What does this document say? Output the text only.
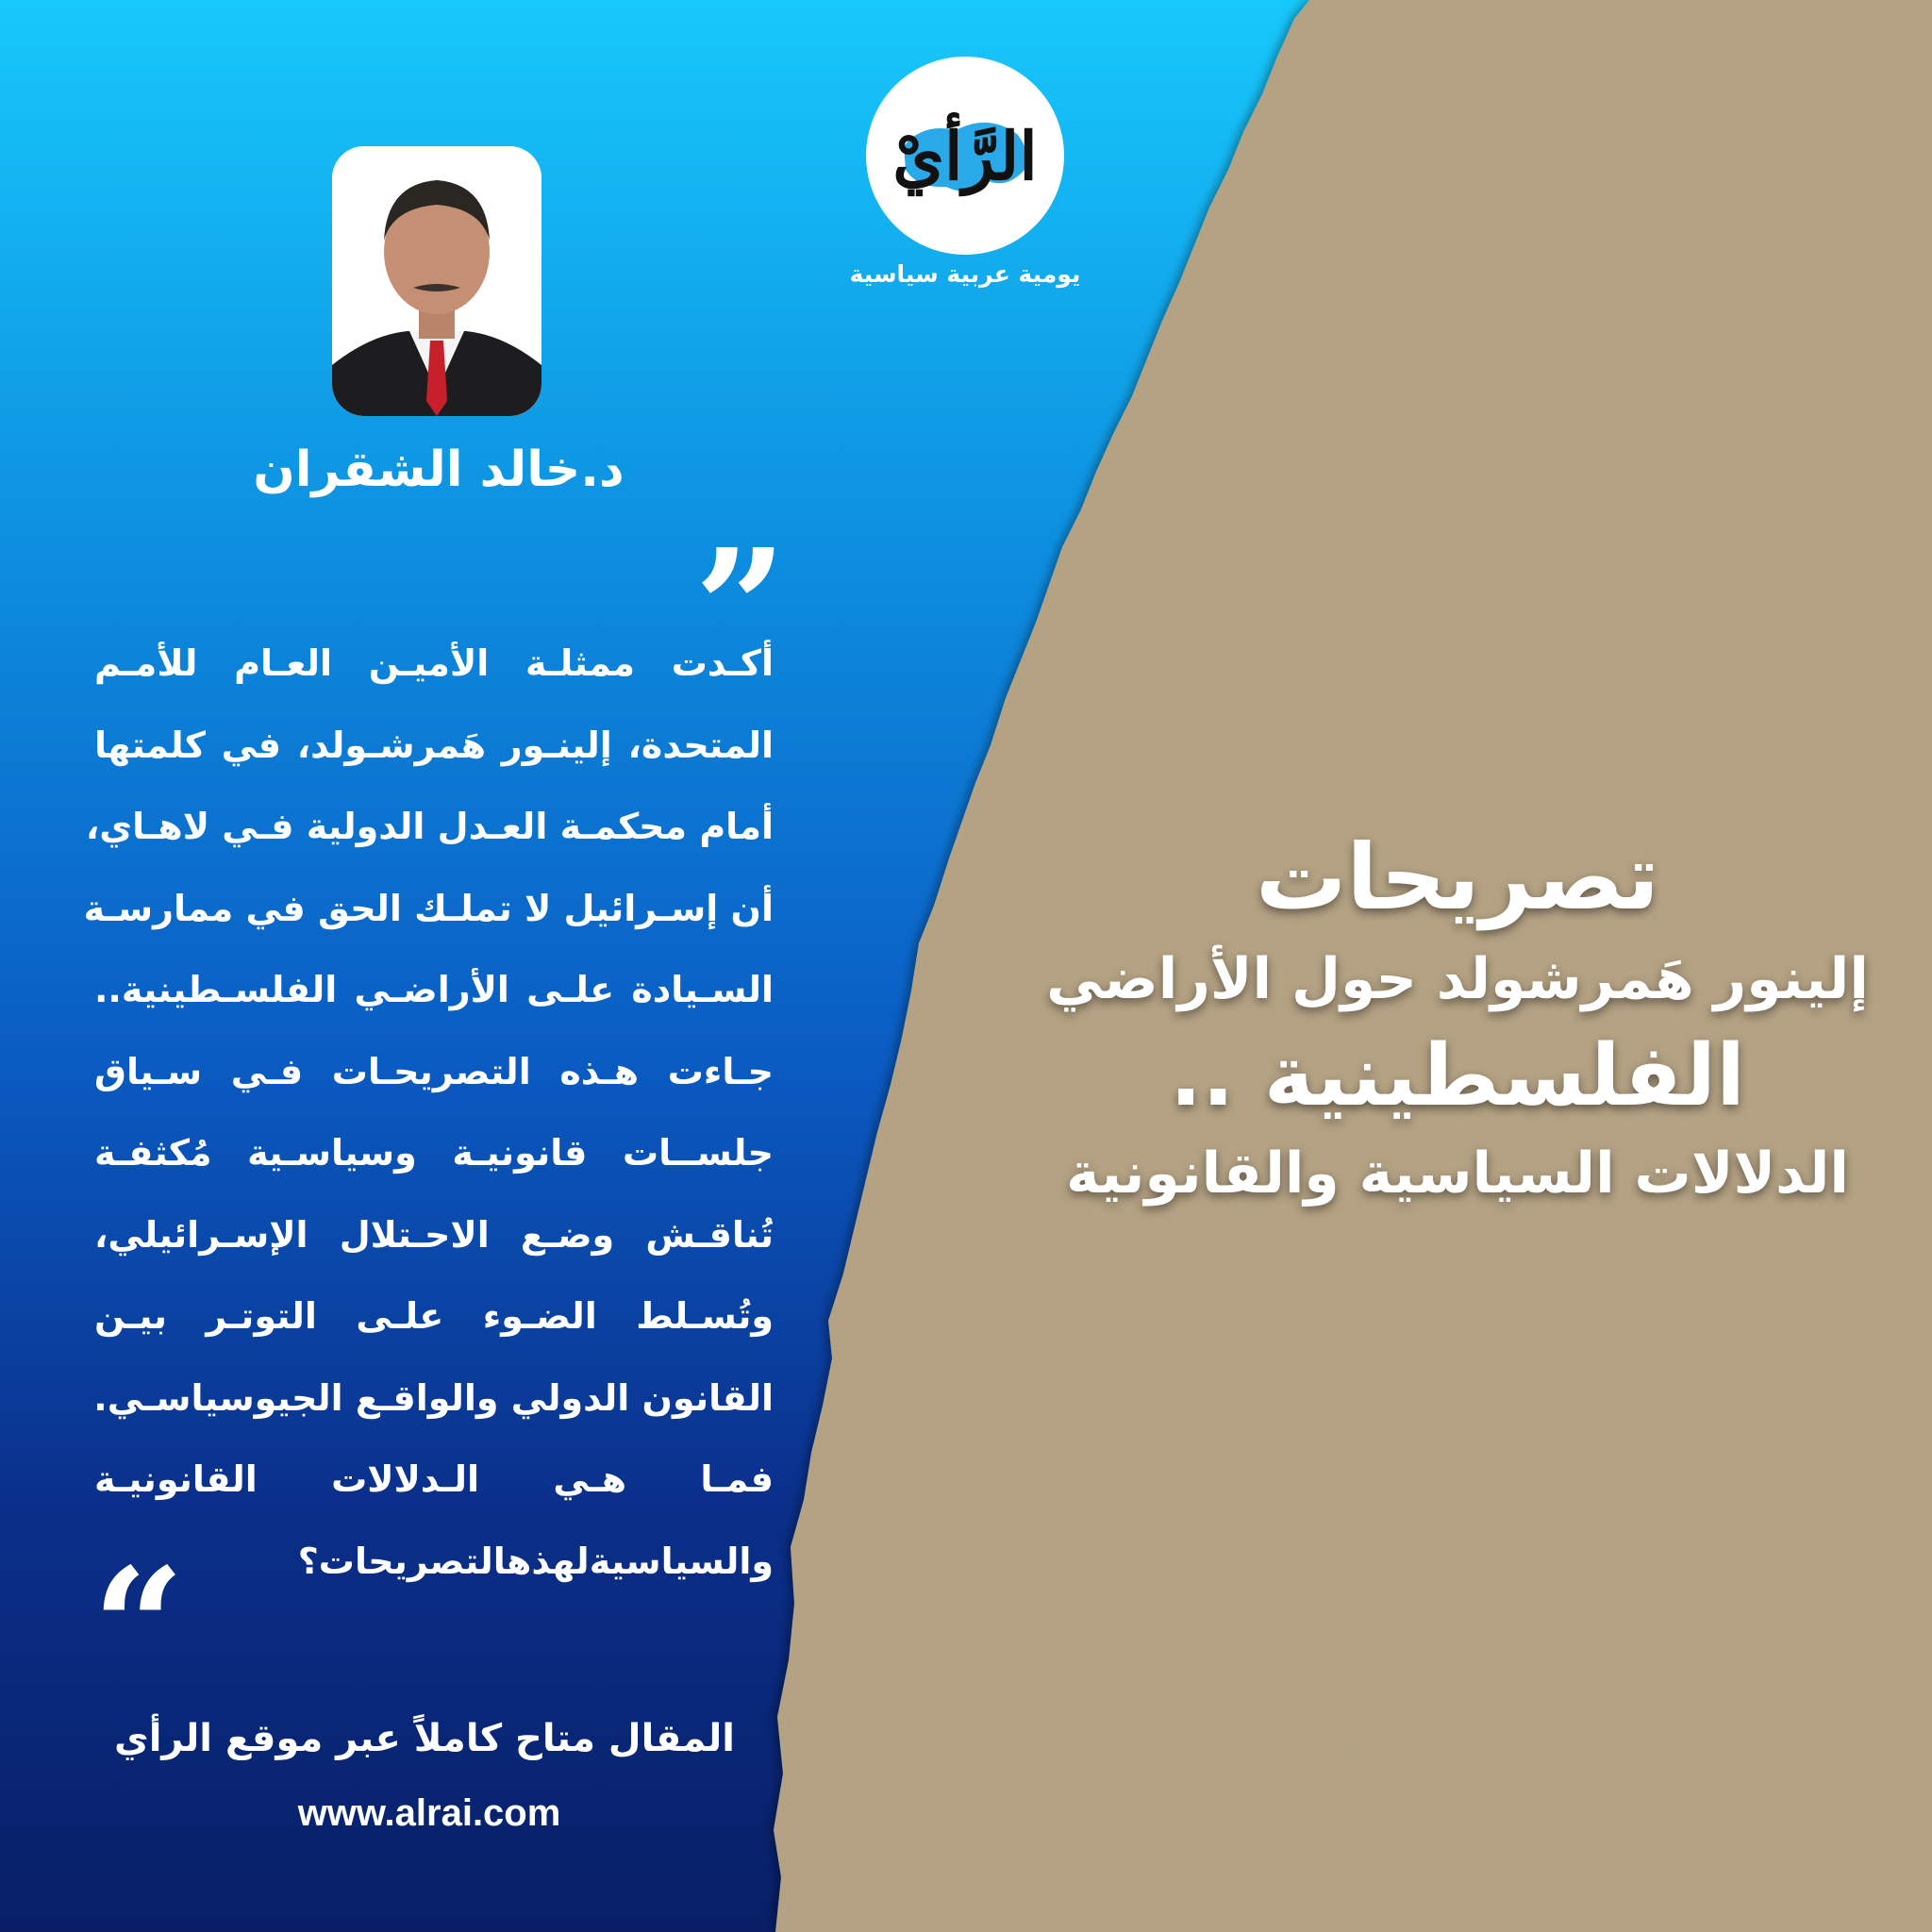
الرَّأيْ
يومية عربية سياسية
د.خالد الشقران
”
أكـدت ممثلـة الأميـن العـام للأمـم
المتحدة، إلينـور هَمرشـولد، في كلمتها
أمام محكمـة العـدل الدولية فـي لاهـاي،
أن إسـرائيل لا تملـك الحق في ممارسـة
السـيادة علـى الأراضـي الفلسـطينية..
جـاءت هـذه التصريحـات فـي سـياق
جلســات قانونيـة وسياسـية مُكثفـة
تُناقـش وضـع الاحـتلال الإسـرائيلي،
وتُسـلط الضـوء علـى التوتـر بيـن
القانون الدولي والواقـع الجيوسياسـي.
فمـا هـي الـدلالات القانونيـة
والسياسيةلهذهالتصريحات؟
“
المقال متاح كاملاً عبر موقع الرأي
www.alrai.com
تصريحات
إلينور هَمرشولد حول الأراضي
الفلسطينية ..
الدلالات السياسية والقانونية
